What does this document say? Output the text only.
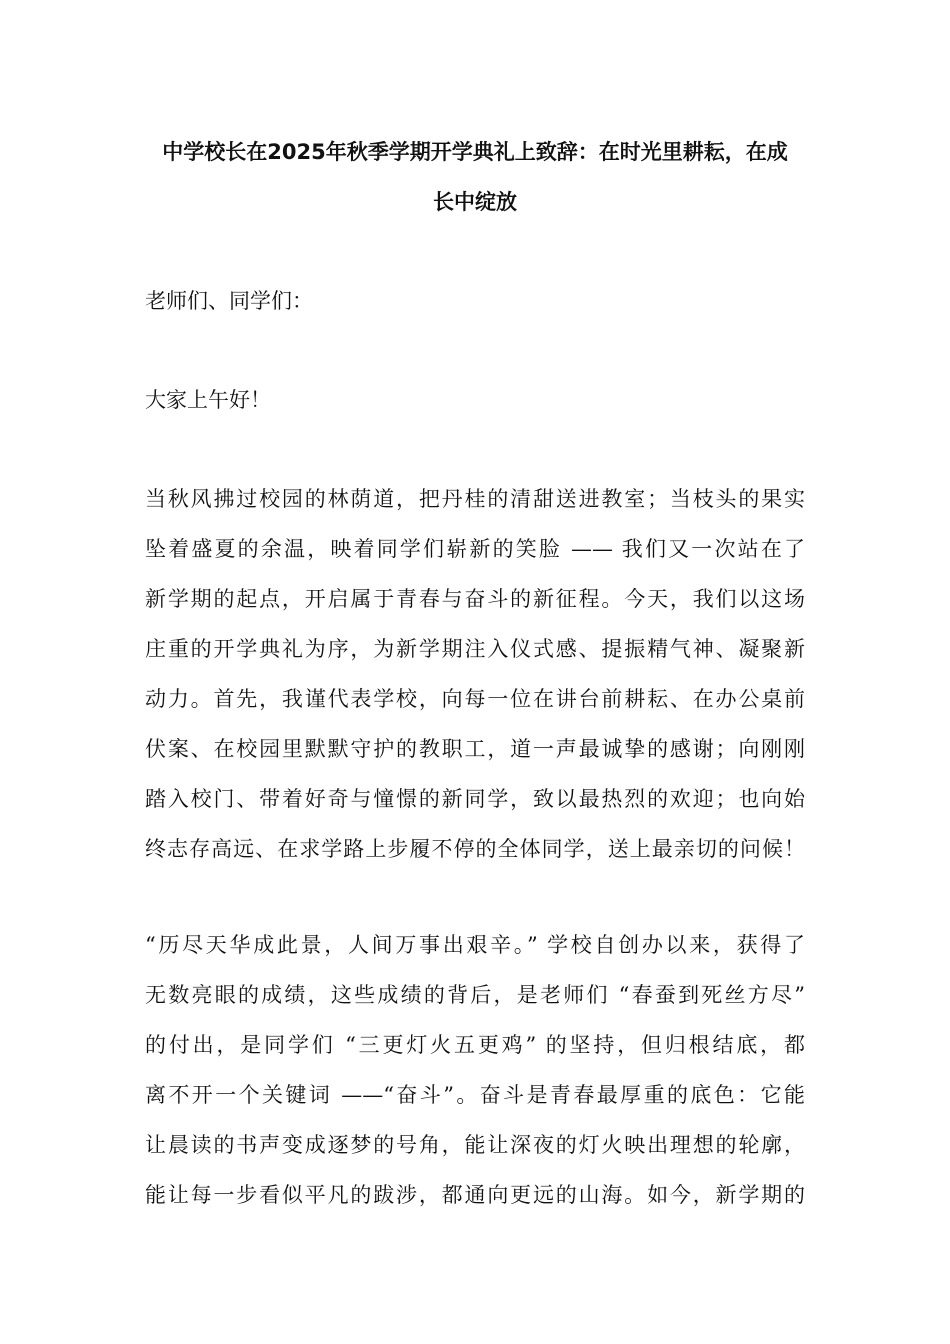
中学校长在2025年秋季学期开学典礼上致辞：在时光里耕耘，在成
长中绽放
老师们、同学们：
大家上午好！
当秋风拂过校园的林荫道，把丹桂的清甜送进教室；当枝头的果实
坠着盛夏的余温，映着同学们崭新的笑脸 —— 我们又一次站在了
新学期的起点，开启属于青春与奋斗的新征程。今天，我们以这场
庄重的开学典礼为序，为新学期注入仪式感、提振精气神、凝聚新
动力。首先，我谨代表学校，向每一位在讲台前耕耘、在办公桌前
伏案、在校园里默默守护的教职工，道一声最诚挚的感谢；向刚刚
踏入校门、带着好奇与憧憬的新同学，致以最热烈的欢迎；也向始
终志存高远、在求学路上步履不停的全体同学，送上最亲切的问候！
“历尽天华成此景，人间万事出艰辛。” 学校自创办以来，获得了
无数亮眼的成绩，这些成绩的背后，是老师们 “春蚕到死丝方尽”
的付出，是同学们 “三更灯火五更鸡” 的坚持，但归根结底，都
离不开一个关键词 ——“奋斗”。奋斗是青春最厚重的底色：它能
让晨读的书声变成逐梦的号角，能让深夜的灯火映出理想的轮廓，
能让每一步看似平凡的跋涉，都通向更远的山海。如今，新学期的
